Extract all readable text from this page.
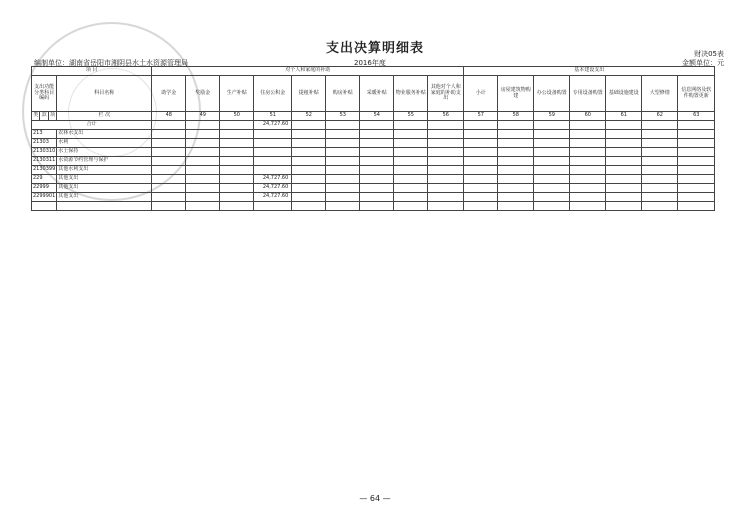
支出决算明细表	财决05表
编制单位：湖南省岳阳市湘阴县水土水资源管理局	2016年度	金额单位：元
项 目				对个人和家庭的补助									基本建设支出						
支出功能分类科目编码			科目名称	助学金	奖励金	生产补贴	住房公积金	提租补贴	购房补贴	采暖补贴	物业服务补贴	其他对个人和家庭的补助支出	小计	房屋建筑物购建	办公设备购置	专用设备购置	基础设施建设	大型修缮	信息网络及软件购置更新
类	款	项	栏 次	48	49	50	51	52	53	54	55	56	57	58	59	60	61	62	63
合计							24,727.60												
213			农林水支出																
21303			水利																
2130310			水土保持																
2130311			水资源节约管理与保护																
2130399			其他水利支出																
229			其他支出				24,727.60												
22999			其他支出				24,727.60												
2299901			其他支出				24,727.60												

— 64 —
